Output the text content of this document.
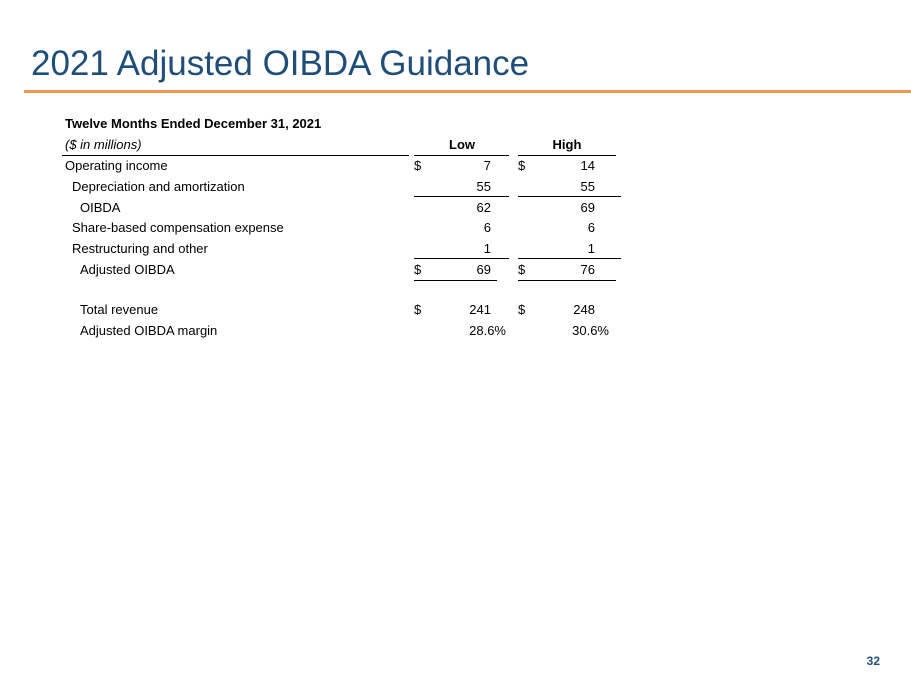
2021 Adjusted OIBDA Guidance
Twelve Months Ended December 31, 2021
($ in millions)	Low	High
Operating income	$	7 $	14
Depreciation and amortization	55	55
OIBDA	62	69
Share-based compensation expense	6	6
Restructuring and other	1	1
Adjusted OIBDA	$	69 $	76
Total revenue	$	241 $	248
Adjusted OIBDA margin	28.6%	30.6%
32
